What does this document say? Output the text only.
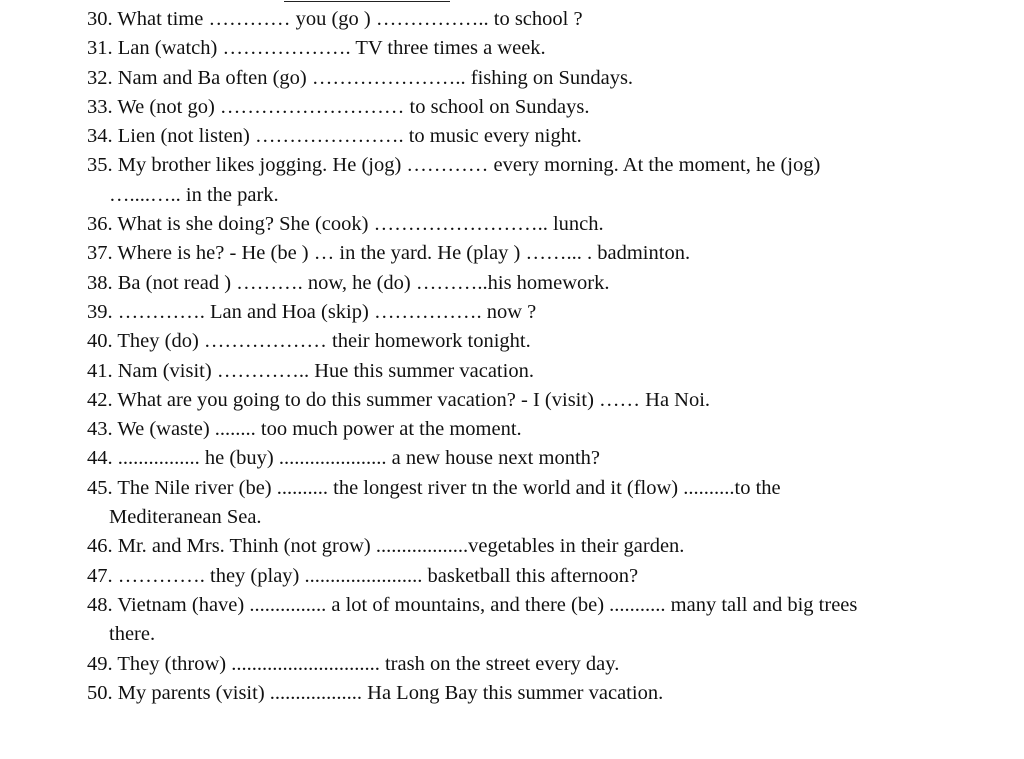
30. What time ………… you (go ) …………….. to school ?
31. Lan (watch) ………………. TV three times a week.
32. Nam and Ba often (go) ………………….. fishing on Sundays.
33. We (not go) ……………………… to school on Sundays.
34. Lien (not listen) …………………. to music every night.
35. My brother likes jogging. He (jog) ………… every morning. At the moment, he (jog)
…....….. in the park.
36. What is she doing? She (cook) …………………….. lunch.
37. Where is he? - He (be ) … in the yard. He (play ) ……... . badminton.
38. Ba (not read ) ………. now, he (do) ………..his homework.
39. …………. Lan and Hoa (skip) ……………. now ?
40. They (do) ……………… their homework tonight.
41. Nam (visit) ………….. Hue this summer vacation.
42. What are you going to do this summer vacation? - I (visit) …… Ha Noi.
43. We (waste) ........ too much power at the moment.
44. ................ he (buy) ..................... a new house next month?
45. The Nile river (be) .......... the longest river tn the world and it (flow) ..........to the
Mediteranean Sea.
46. Mr. and Mrs. Thinh (not grow) ..................vegetables in their garden.
47. …………. they (play) ....................... basketball this afternoon?
48. Vietnam (have) ............... a lot of mountains, and there (be) ........... many tall and big trees
there.
49. They (throw) ............................. trash on the street every day.
50. My parents (visit) .................. Ha Long Bay this summer vacation.
